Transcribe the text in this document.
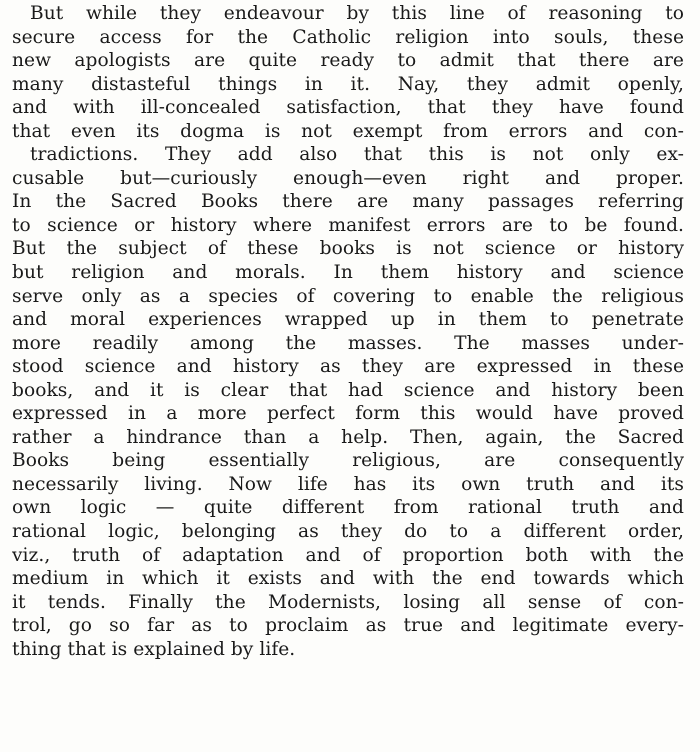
But while they endeavour by this line of reasoning to
secure access for the Catholic religion into souls, these
new apologists are quite ready to admit that there are
many distasteful things in it. Nay, they admit openly,
and with ill-concealed satisfaction, that they have found
that even its dogma is not exempt from errors and con-
tradictions. They add also that this is not only ex-
cusable but—curiously enough—even right and proper.
In the Sacred Books there are many passages referring
to science or history where manifest errors are to be found.
But the subject of these books is not science or history
but religion and morals. In them history and science
serve only as a species of covering to enable the religious
and moral experiences wrapped up in them to penetrate
more readily among the masses. The masses under-
stood science and history as they are expressed in these
books, and it is clear that had science and history been
expressed in a more perfect form this would have proved
rather a hindrance than a help. Then, again, the Sacred
Books being essentially religious, are consequently
necessarily living. Now life has its own truth and its
own logic — quite different from rational truth and
rational logic, belonging as they do to a different order,
viz., truth of adaptation and of proportion both with the
medium in which it exists and with the end towards which
it tends. Finally the Modernists, losing all sense of con-
trol, go so far as to proclaim as true and legitimate every-
thing that is explained by life.
